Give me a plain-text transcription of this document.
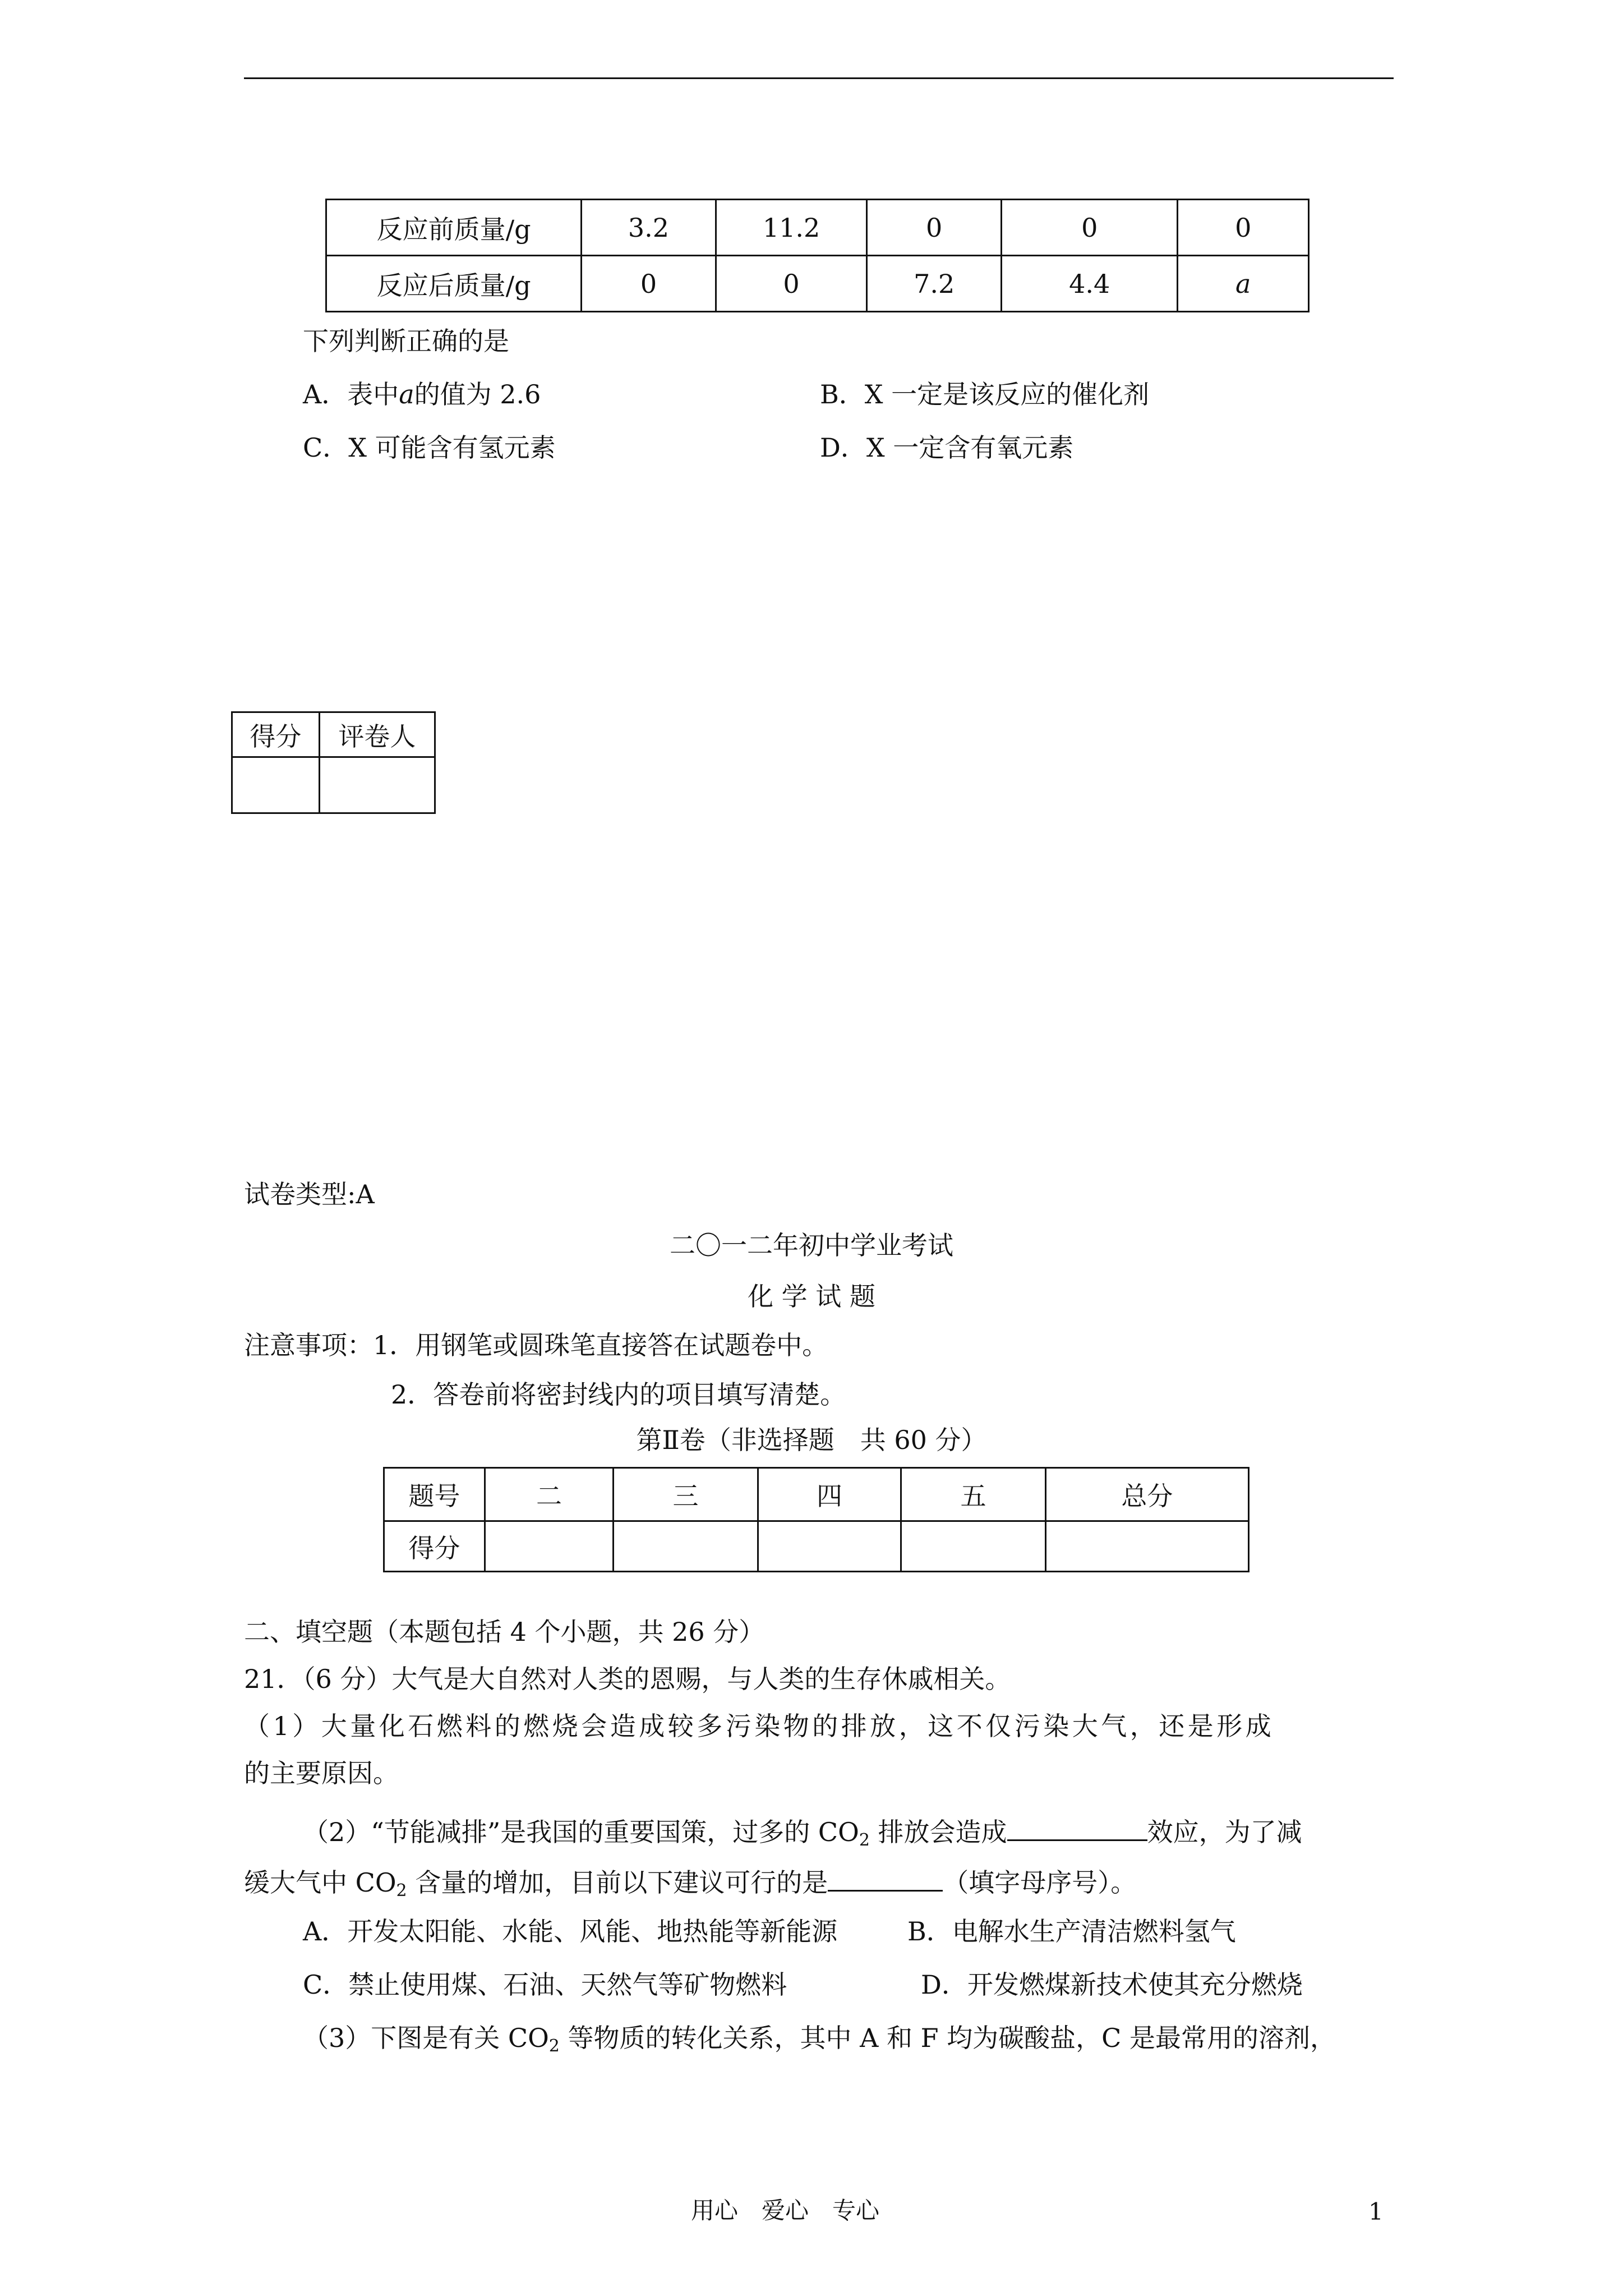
反应前质量/g	3.2	11.2	0	0	0
反应后质量/g	0	0	7.2	4.4	a
下列判断正确的是
A．表中a的值为 2.6	B．X 一定是该反应的催化剂
C．X 可能含有氢元素	D．X 一定含有氧元素
得分	评卷人

试卷类型:A
二〇一二年初中学业考试
化 学 试 题
注意事项：1．用钢笔或圆珠笔直接答在试题卷中。
2．答卷前将密封线内的项目填写清楚。
第Ⅱ卷（非选择题　共 60 分）
题号	二	三	四	五	总分
得分					
二、填空题（本题包括 4 个小题，共 26 分）
21．（6 分）大气是大自然对人类的恩赐，与人类的生存休戚相关。
（1）大量化石燃料的燃烧会造成较多污染物的排放，这不仅污染大气，还是形成
的主要原因。
（2）“节能减排”是我国的重要国策，过多的 $CO_2$ 排放会造成	效应，为了减
缓大气中 $CO_2$ 含量的增加，目前以下建议可行的是	（填字母序号）。
A．开发太阳能、水能、风能、地热能等新能源	B．电解水生产清洁燃料氢气
C．禁止使用煤、石油、天然气等矿物燃料	D．开发燃煤新技术使其充分燃烧
（3）下图是有关 $CO_2$ 等物质的转化关系，其中 A 和 F 均为碳酸盐，C 是最常用的溶剂，
用心　爱心　专心	1
